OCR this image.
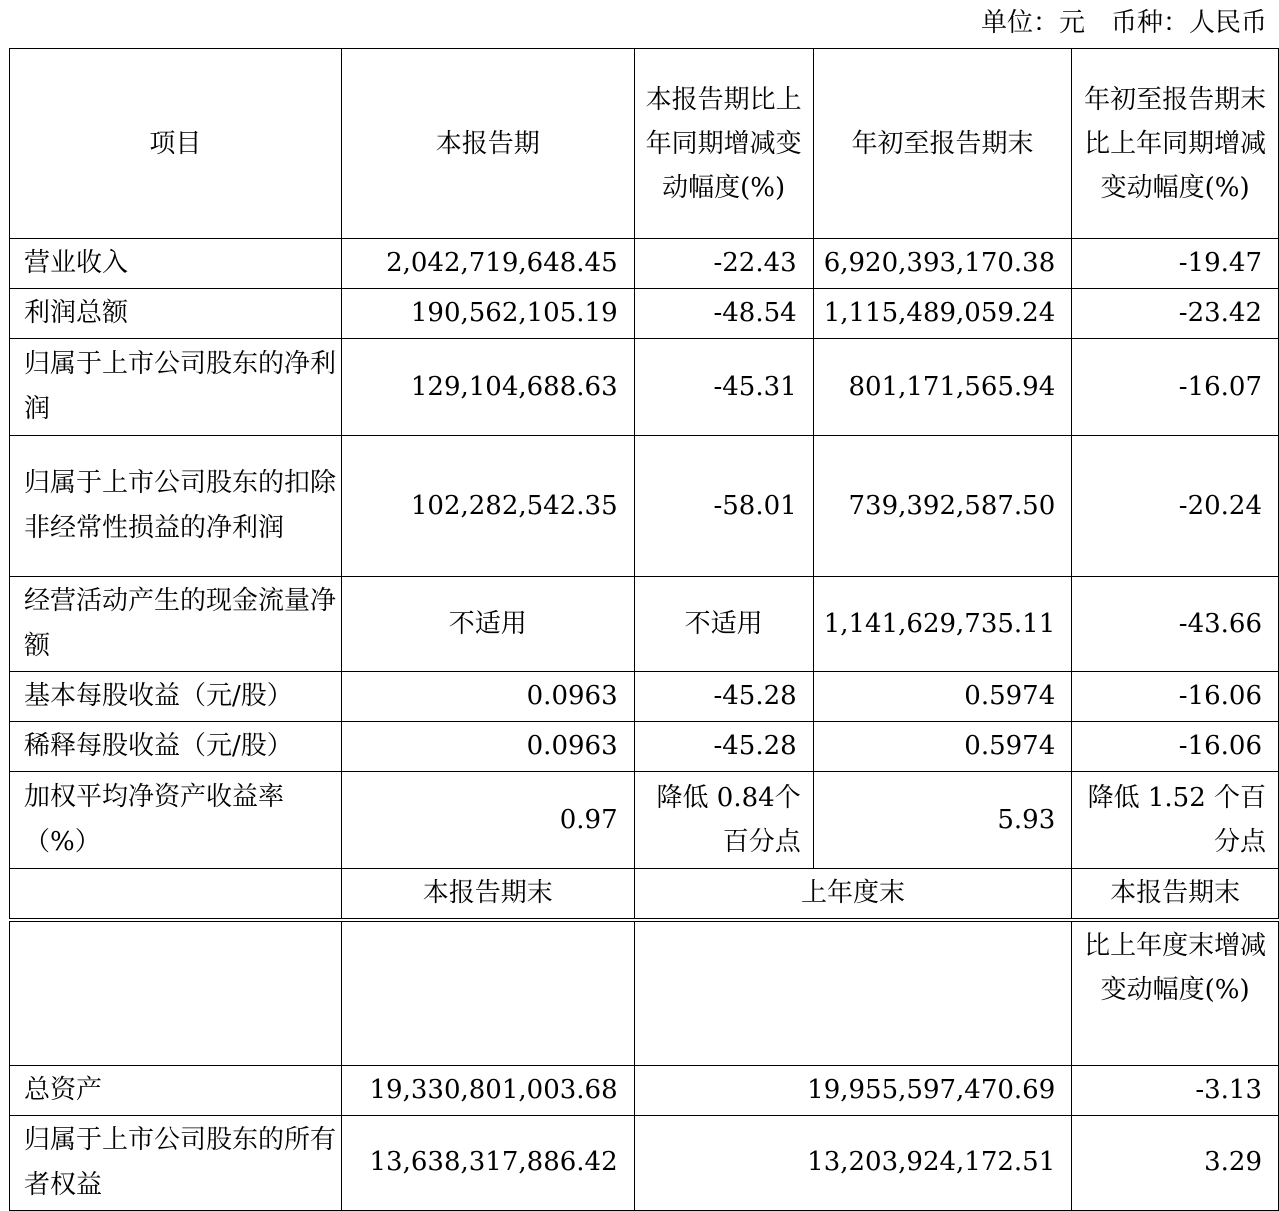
单位：元　币种：人民币
项目	本报告期	本报告期比上年同期增减变动幅度(%)	年初至报告期末	年初至报告期末比上年同期增减变动幅度(%)
营业收入	2,042,719,648.45	-22.43	6,920,393,170.38	-19.47
利润总额	190,562,105.19	-48.54	1,115,489,059.24	-23.42
归属于上市公司股东的净利润	129,104,688.63	-45.31	801,171,565.94	-16.07
归属于上市公司股东的扣除非经常性损益的净利润	102,282,542.35	-58.01	739,392,587.50	-20.24
经营活动产生的现金流量净额	不适用	不适用	1,141,629,735.11	-43.66
基本每股收益（元/股）	0.0963	-45.28	0.5974	-16.06
稀释每股收益（元/股）	0.0963	-45.28	0.5974	-16.06
加权平均净资产收益率（%）	0.97	降低 0.84个百分点	5.93	降低 1.52 个百分点
	本报告期末	上年度末		本报告期末
				比上年度末增减变动幅度(%)
总资产	19,330,801,003.68	19,955,597,470.69		-3.13
归属于上市公司股东的所有者权益	13,638,317,886.42	13,203,924,172.51		3.29
